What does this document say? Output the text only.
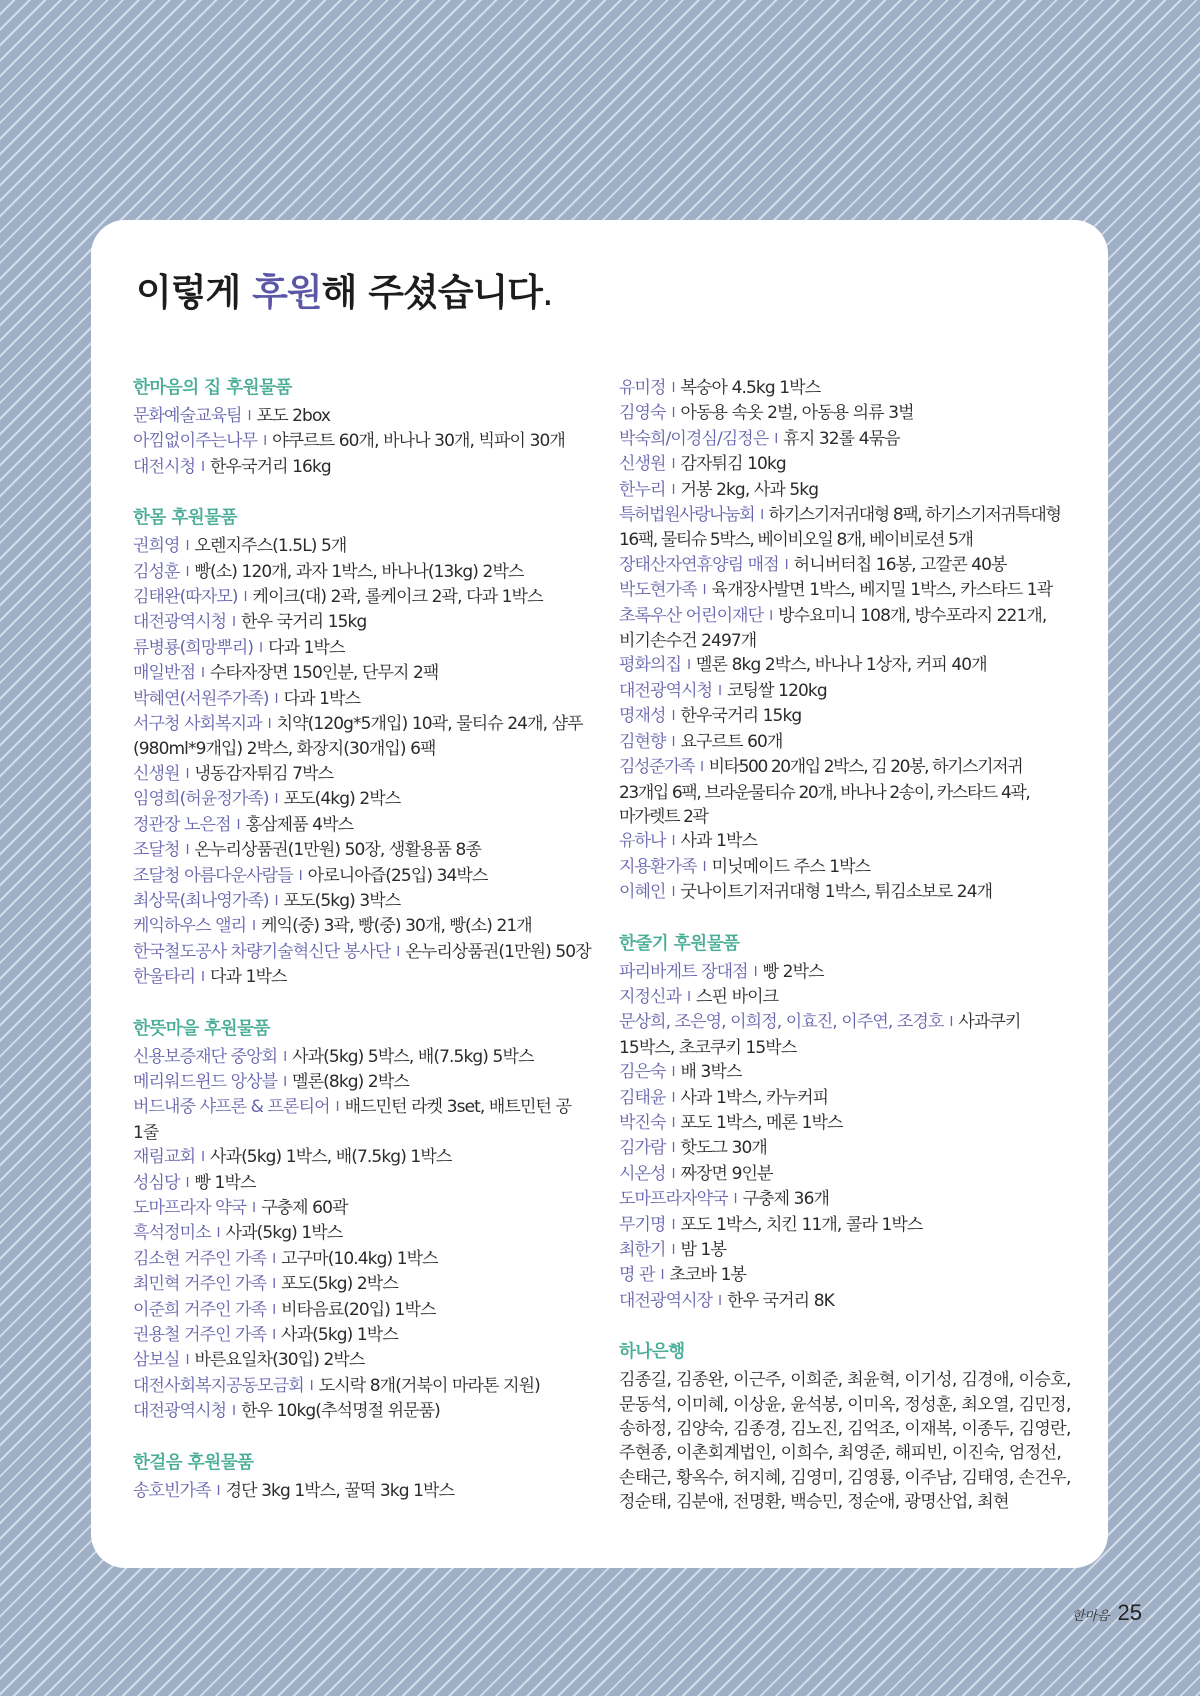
이렇게 후원해 주셨습니다.
한마음의 집 후원물품
문화예술교육팀 I 포도 2box
아낌없이주는나무 I 야쿠르트 60개, 바나나 30개, 빅파이 30개
대전시청 I 한우국거리 16kg
한몸 후원물품
권희영 I 오렌지주스(1.5L) 5개
김성훈 I 빵(소) 120개, 과자 1박스, 바나나(13kg) 2박스
김태완(따자모) I 케이크(대) 2곽, 롤케이크 2곽, 다과 1박스
대전광역시청 I 한우 국거리 15kg
류병룡(희망뿌리) I 다과 1박스
매일반점 I 수타자장면 150인분, 단무지 2팩
박혜연(서원주가족) I 다과 1박스
서구청 사회복지과 I 치약(120g*5개입) 10곽, 물티슈 24개, 샴푸(980ml*9개입) 2박스, 화장지(30개입) 6팩
신생원 I 냉동감자튀김 7박스
임영희(허윤정가족) I 포도(4kg) 2박스
정관장 노은점 I 홍삼제품 4박스
조달청 I 온누리상품권(1만원) 50장, 생활용품 8종
조달청 아름다운사람들 I 아로니아즙(25입) 34박스
최상묵(최나영가족) I 포도(5kg) 3박스
케익하우스 앨리 I 케익(중) 3곽, 빵(중) 30개, 빵(소) 21개
한국철도공사 차량기술혁신단 봉사단 I 온누리상품권(1만원) 50장
한울타리 I 다과 1박스
한뜻마을 후원물품
신용보증재단 중앙회 I 사과(5kg) 5박스, 배(7.5kg) 5박스
메리워드윈드 앙상블 I 멜론(8kg) 2박스
버드내중 샤프론 & 프론티어 I 배드민턴 라켓 3set, 배트민턴 공 1줄
재림교회 I 사과(5kg) 1박스, 배(7.5kg) 1박스
성심당 I 빵 1박스
도마프라자 약국 I 구충제 60곽
흑석정미소 I 사과(5kg) 1박스
김소현 거주인 가족 I 고구마(10.4kg) 1박스
최민혁 거주인 가족 I 포도(5kg) 2박스
이준희 거주인 가족 I 비타음료(20입) 1박스
권용철 거주인 가족 I 사과(5kg) 1박스
삼보실 I 바른요일차(30입) 2박스
대전사회복지공동모금회 I 도시락 8개(거북이 마라톤 지원)
대전광역시청 I 한우 10kg(추석명절 위문품)
한걸음 후원물품
송호빈가족 I 경단 3kg 1박스, 꿀떡 3kg 1박스
유미정 I 복숭아 4.5kg 1박스
김영숙 I 아동용 속옷 2벌, 아동용 의류 3벌
박숙희/이경심/김정은 I 휴지 32롤 4묶음
신생원 I 감자튀김 10kg
한누리 I 거봉 2kg, 사과 5kg
특허법원사랑나눔회 I 하기스기저귀대형 8팩, 하기스기저귀특대형 16팩, 물티슈 5박스, 베이비오일 8개, 베이비로션 5개
장태산자연휴양림 매점 I 허니버터칩 16봉, 고깔콘 40봉
박도현가족 I 육개장사발면 1박스, 베지밀 1박스, 카스타드 1곽
초록우산 어린이재단 I 방수요미니 108개, 방수포라지 221개, 비기손수건 2497개
평화의집 I 멜론 8kg 2박스, 바나나 1상자, 커피 40개
대전광역시청 I 코팅쌀 120kg
명재성 I 한우국거리 15kg
김현향 I 요구르트 60개
김성준가족 I 비타500 20개입 2박스, 김 20봉, 하기스기저귀 23개입 6팩, 브라운물티슈 20개, 바나나 2송이, 카스타드 4곽, 마가렛트 2곽
유하나 I 사과 1박스
지용환가족 I 미닛메이드 주스 1박스
이혜인 I 굿나이트기저귀대형 1박스, 튀김소보로 24개
한줄기 후원물품
파리바게트 장대점 I 빵 2박스
지정신과 I 스핀 바이크
문상희, 조은영, 이희정, 이효진, 이주연, 조경호 I 사과쿠키 15박스, 초코쿠키 15박스
김은숙 I 배 3박스
김태윤 I 사과 1박스, 카누커피
박진숙 I 포도 1박스, 메론 1박스
김가람 I 핫도그 30개
시온성 I 짜장면 9인분
도마프라자약국 I 구충제 36개
무기명 I 포도 1박스, 치킨 11개, 콜라 1박스
최한기 I 밤 1봉
명 관 I 초코바 1봉
대전광역시장 I 한우 국거리 8K
하나은행
김종길, 김종완, 이근주, 이희준, 최윤혁, 이기성, 김경애, 이승호, 문동석, 이미혜, 이상윤, 윤석봉, 이미옥, 정성훈, 최오열, 김민정, 송하정, 김양숙, 김종경, 김노진, 김억조, 이재복, 이종두, 김영란, 주현종, 이촌회계법인, 이희수, 최영준, 해피빈, 이진숙, 엄정선, 손태근, 황옥수, 허지혜, 김영미, 김영룡, 이주남, 김태영, 손건우, 정순태, 김분애, 전명환, 백승민, 정순애, 광명산업, 최현
한마음 25
